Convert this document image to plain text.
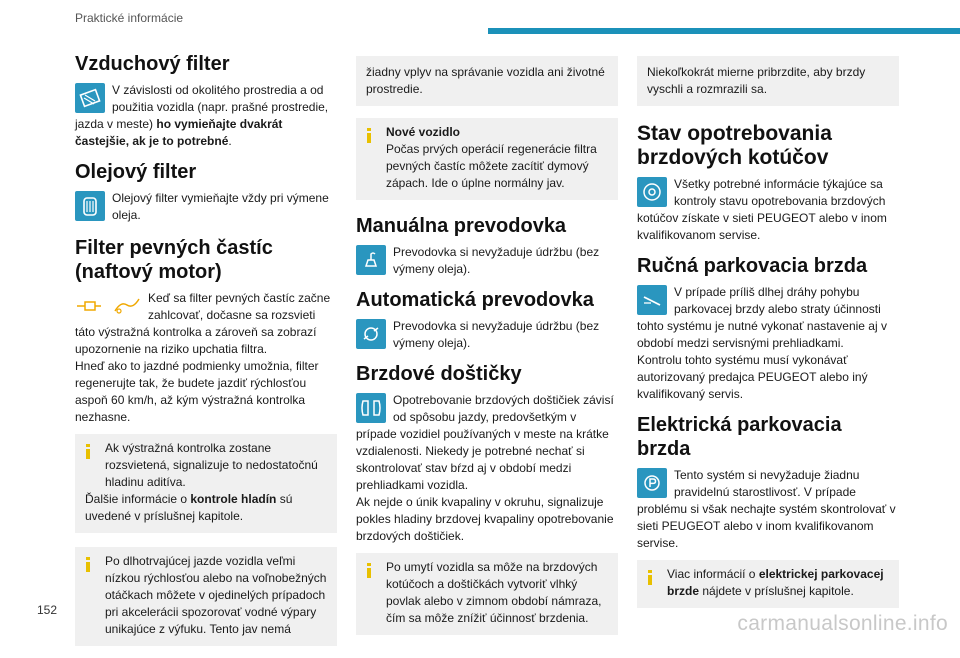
Praktické informácie
Vzduchový filter

V závislosti od okolitého prostredia a od použitia vozidla (napr. prašné prostredie, jazda v meste) ho vymieňajte dvakrát častejšie, ak je to potrebné.

Olejový filter

Olejový filter vymieňajte vždy pri výmene oleja.

Filter pevných častíc (naftový motor)

Keď sa filter pevných častíc začne zahlcovať, dočasne sa rozsvieti táto výstražná kontrolka a zároveň sa zobrazí upozornenie na riziko upchatia filtra.

Hneď ako to jazdné podmienky umožnia, filter regenerujte tak, že budete jazdiť rýchlosťou aspoň 60 km/h, až kým výstražná kontrolka nezhasne.

Ak výstražná kontrolka zostane rozsvietená, signalizuje to nedostatočnú hladinu aditíva.

Ďalšie informácie o kontrole hladín sú uvedené v príslušnej kapitole.

Po dlhotrvajúcej jazde vozidla veľmi nízkou rýchlosťou alebo na voľnobežných otáčkach môžete v ojedinelých prípadoch pri akcelerácii spozorovať vodné výpary unikajúce z výfuku. Tento jav nemá

žiadny vplyv na správanie vozidla ani životné prostredie.

Nové vozidlo

Počas prvých operácií regenerácie filtra pevných častíc môžete zacítiť dymový zápach. Ide o úplne normálny jav.

Manuálna prevodovka

Prevodovka si nevyžaduje údržbu (bez výmeny oleja).

Automatická prevodovka

Prevodovka si nevyžaduje údržbu (bez výmeny oleja).

Brzdové doštičky

Opotrebovanie brzdových doštičiek závisí od spôsobu jazdy, predovšetkým v prípade vozidiel používaných v meste na krátke vzdialenosti. Niekedy je potrebné nechať si skontrolovať stav bŕzd aj v období medzi prehliadkami vozidla.

Ak nejde o únik kvapaliny v okruhu, signalizuje pokles hladiny brzdovej kvapaliny opotrebovanie brzdových doštičiek.

Po umytí vozidla sa môže na brzdových kotúčoch a doštičkách vytvoriť vlhký povlak alebo v zimnom období námraza, čím sa môže znížiť účinnosť brzdenia.

Niekoľkokrát mierne pribrzdite, aby brzdy vyschli a rozmrazili sa.

Stav opotrebovania brzdových kotúčov

Všetky potrebné informácie týkajúce sa kontroly stavu opotrebovania brzdových kotúčov získate v sieti PEUGEOT alebo v inom kvalifikovanom servise.

Ručná parkovacia brzda

V prípade príliš dlhej dráhy pohybu parkovacej brzdy alebo straty účinnosti tohto systému je nutné vykonať nastavenie aj v období medzi servisnými prehliadkami.

Kontrolu tohto systému musí vykonávať autorizovaný predajca PEUGEOT alebo iný kvalifikovaný servis.

Elektrická parkovacia brzda

Tento systém si nevyžaduje žiadnu pravidelnú starostlivosť. V prípade problému si však nechajte systém skontrolovať v sieti PEUGEOT alebo v inom kvalifikovanom servise.

Viac informácií o elektrickej parkovacej brzde nájdete v príslušnej kapitole.

152
carmanualsonline.info
